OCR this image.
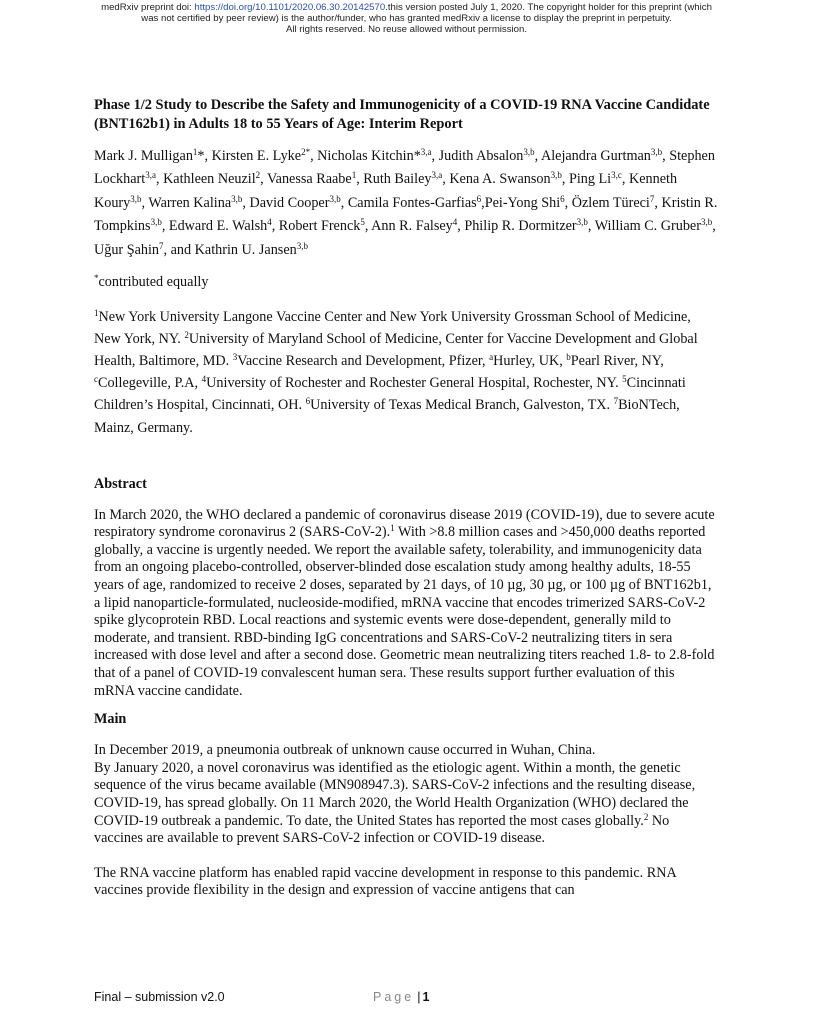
medRxiv preprint doi: https://doi.org/10.1101/2020.06.30.20142570.this version posted July 1, 2020. The copyright holder for this preprint (which
was not certified by peer review) is the author/funder, who has granted medRxiv a license to display the preprint in perpetuity.
All rights reserved. No reuse allowed without permission.

Phase 1/2 Study to Describe the Safety and Immunogenicity of a COVID-19 RNA Vaccine Candidate (BNT162b1) in Adults 18 to 55 Years of Age: Interim Report

Mark J. Mulligan$^1$*, Kirsten E. Lyke$^{2*}$, Nicholas Kitchin*$^{3,a}$, Judith Absalon$^{3,b}$, Alejandra Gurtman$^{3,b}$, Stephen Lockhart$^{3,a}$, Kathleen Neuzil$^2$, Vanessa Raabe$^1$, Ruth Bailey$^{3,a}$, Kena A. Swanson$^{3,b}$, Ping Li$^{3,c}$, Kenneth Koury$^{3,b}$, Warren Kalina$^{3,b}$, David Cooper$^{3,b}$, Camila Fontes-Garfias$^6$,Pei-Yong Shi$^6$, Özlem Türeci$^7$, Kristin R. Tompkins$^{3,b}$, Edward E. Walsh$^4$, Robert Frenck$^5$, Ann R. Falsey$^4$, Philip R. Dormitzer$^{3,b}$, William C. Gruber$^{3,b}$, Uğur Şahin$^7$, and Kathrin U. Jansen$^{3,b}$
*contributed equally
$^1$New York University Langone Vaccine Center and New York University Grossman School of Medicine, New York, NY. $^2$University of Maryland School of Medicine, Center for Vaccine Development and Global Health, Baltimore, MD. $^3$Vaccine Research and Development, Pfizer, $^a$Hurley, UK, $^b$Pearl River, NY, $^c$Collegeville, P.A, $^4$University of Rochester and Rochester General Hospital, Rochester, NY. $^5$Cincinnati Children’s Hospital, Cincinnati, OH. $^6$University of Texas Medical Branch, Galveston, TX. $^7$BioNTech, Mainz, Germany.
Abstract
In March 2020, the WHO declared a pandemic of coronavirus disease 2019 (COVID-19), due to severe acute respiratory syndrome coronavirus 2 (SARS-CoV-2).$^1$ With >8.8 million cases and >450,000 deaths reported globally, a vaccine is urgently needed. We report the available safety, tolerability, and immunogenicity data from an ongoing placebo-controlled, observer-blinded dose escalation study among healthy adults, 18-55 years of age, randomized to receive 2 doses, separated by 21 days, of 10 µg, 30 µg, or 100 µg of BNT162b1, a lipid nanoparticle-formulated, nucleoside-modified, mRNA vaccine that encodes trimerized SARS-CoV-2 spike glycoprotein RBD. Local reactions and systemic events were dose-dependent, generally mild to moderate, and transient. RBD-binding IgG concentrations and SARS-CoV-2 neutralizing titers in sera increased with dose level and after a second dose. Geometric mean neutralizing titers reached 1.8- to 2.8-fold that of a panel of COVID-19 convalescent human sera. These results support further evaluation of this mRNA vaccine candidate.
Main
In December 2019, a pneumonia outbreak of unknown cause occurred in Wuhan, China.
By January 2020, a novel coronavirus was identified as the etiologic agent. Within a month, the genetic sequence of the virus became available (MN908947.3). SARS-CoV-2 infections and the resulting disease, COVID-19, has spread globally. On 11 March 2020, the World Health Organization (WHO) declared the COVID-19 outbreak a pandemic. To date, the United States has reported the most cases globally.$^2$ No vaccines are available to prevent SARS-CoV-2 infection or COVID-19 disease.
The RNA vaccine platform has enabled rapid vaccine development in response to this pandemic. RNA vaccines provide flexibility in the design and expression of vaccine antigens that can
Final – submission v2.0	Page | 1
